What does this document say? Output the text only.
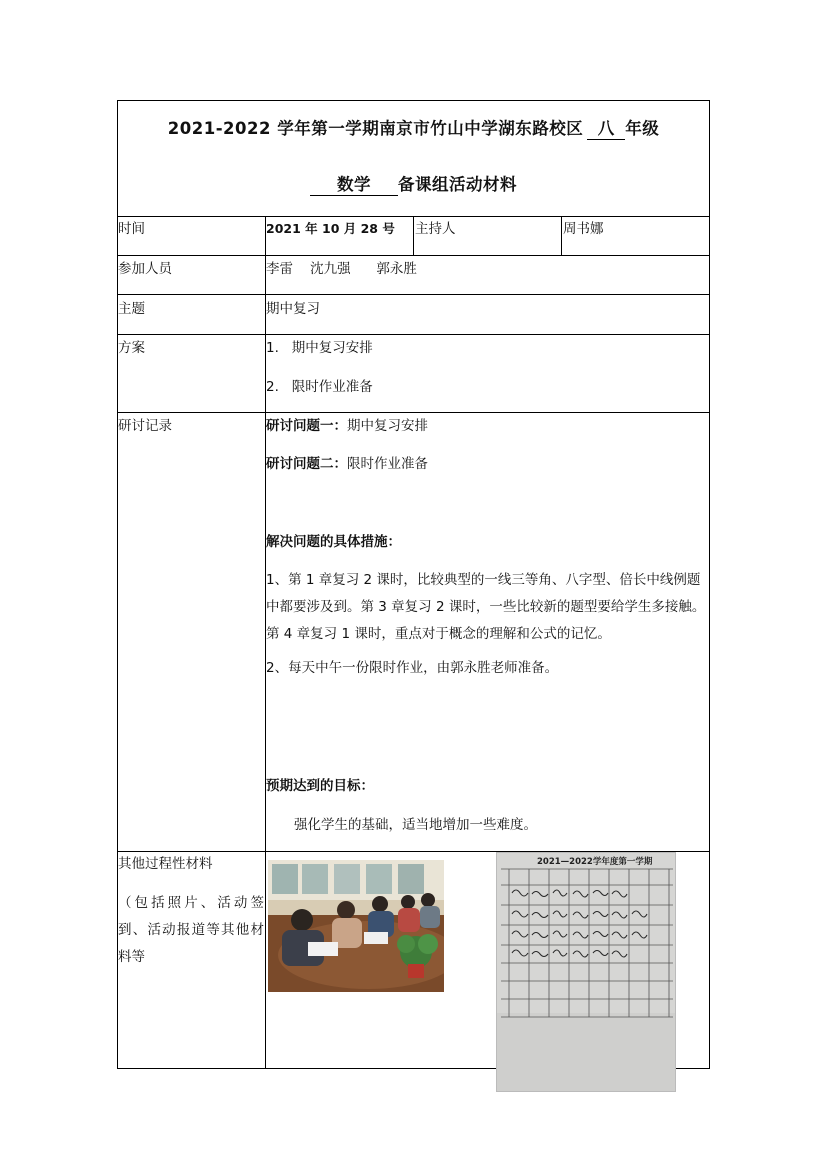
2021-2022 学年第一学期南京市竹山中学湖东路校区 八 年级
数学 备课组活动材料
时间	2021 年 10 月 28 号 主持人	周书娜
参加人员	李雷    沈九强      郭永胜
主题	期中复习
方案	1.   期中复习安排
2.   限时作业准备
研讨记录	研讨问题一：期中复习安排
研讨问题二：限时作业准备
解决问题的具体措施：
1、第 1 章复习 2 课时，比较典型的一线三等角、八字型、倍长中线例题中都要涉及到。第 3 章复习 2 课时，一些比较新的题型要给学生多接触。第 4 章复习 1 课时，重点对于概念的理解和公式的记忆。
2、每天中午一份限时作业，由郭永胜老师准备。
预期达到的目标：
强化学生的基础，适当地增加一些难度。
其他过程性材料
（包括照片、活动签到、活动报道等其他材料等
2021—2022学年度第一学期
